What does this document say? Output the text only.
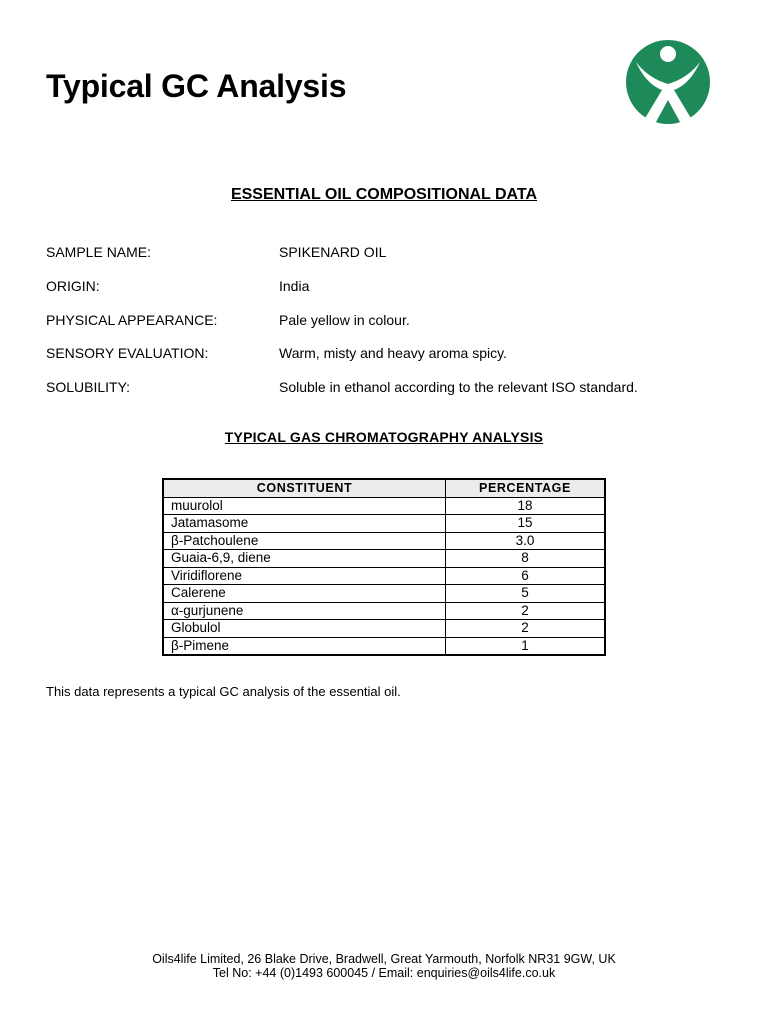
Typical GC Analysis
ESSENTIAL OIL COMPOSITIONAL DATA
SAMPLE NAME:	SPIKENARD OIL
ORIGIN:	India
PHYSICAL APPEARANCE:	Pale yellow in colour.
SENSORY EVALUATION:	Warm, misty and heavy aroma spicy.
SOLUBILITY:	Soluble in ethanol according to the relevant ISO standard.
TYPICAL GAS CHROMATOGRAPHY ANALYSIS
CONSTITUENT	PERCENTAGE
muurolol	18
Jatamasome	15
β-Patchoulene	3.0
Guaia-6,9, diene	8
Viridiflorene	6
Calerene	5
α-gurjunene	2
Globulol	2
β-Pimene	1
This data represents a typical GC analysis of the essential oil.
Oils4life Limited, 26 Blake Drive, Bradwell, Great Yarmouth, Norfolk NR31 9GW, UK
Tel No: +44 (0)1493 600045 / Email: enquiries@oils4life.co.uk
